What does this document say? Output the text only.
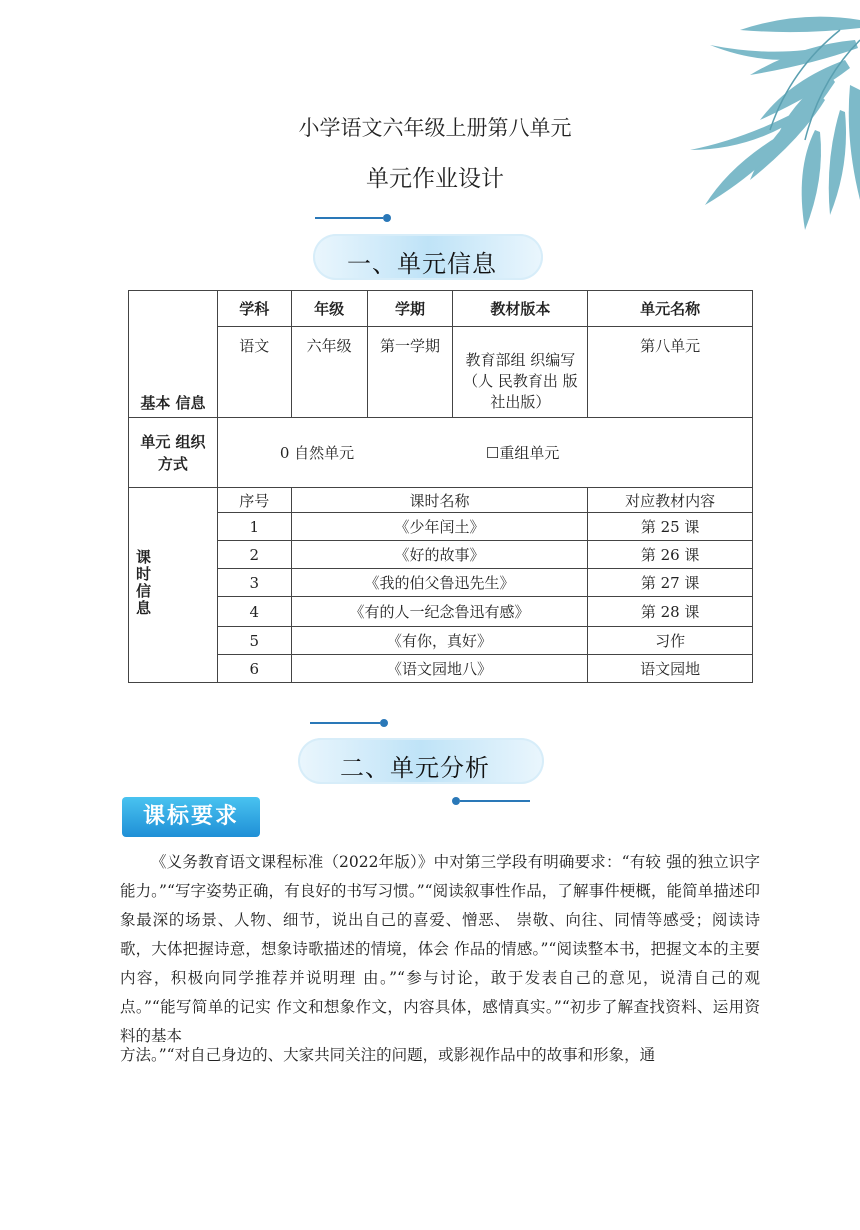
小学语文六年级上册第八单元
单元作业设计
一、单元信息
基本 信息	学科	年级	学期	教材版本	单元名称
	语文	六年级	第一学期	教育部组 织编写（人 民教育出 版社出版）	第八单元
单元 组织方式	0 自然单元 ☐重组单元				

课时信息	序号	课时名称			对应教材内容
	1	《少年闰土》			第 25 课
	2	《好的故事》			第 26 课
	3	《我的伯父鲁迅先生》			第 27 课
	4	《有的人一纪念鲁迅有感》			第 28 课
	5	《有你，真好》			习作
	6	《语文园地八》			语文园地
二、单元分析
课标要求

《义务教育语文课程标准（2022年版）》中对第三学段有明确要求：“有较 强的独立识字能力。”“写字姿势正确，有良好的书写习惯。”“阅读叙事性作品，了解事件梗概，能简单描述印象最深的场景、人物、细节，说出自己的喜爱、憎恶、 崇敬、向往、同情等感受；阅读诗歌，大体把握诗意，想象诗歌描述的情境，体会 作品的情感。”“阅读整本书，把握文本的主要内容，积极向同学推荐并说明理 由。”“参与讨论，敢于发表自己的意见，说清自己的观点。”“能写简单的记实 作文和想象作文，内容具体，感情真实。”“初步了解查找资料、运用资料的基本

方法。”“对自己身边的、大家共同关注的问题，或影视作品中的故事和形象，通
